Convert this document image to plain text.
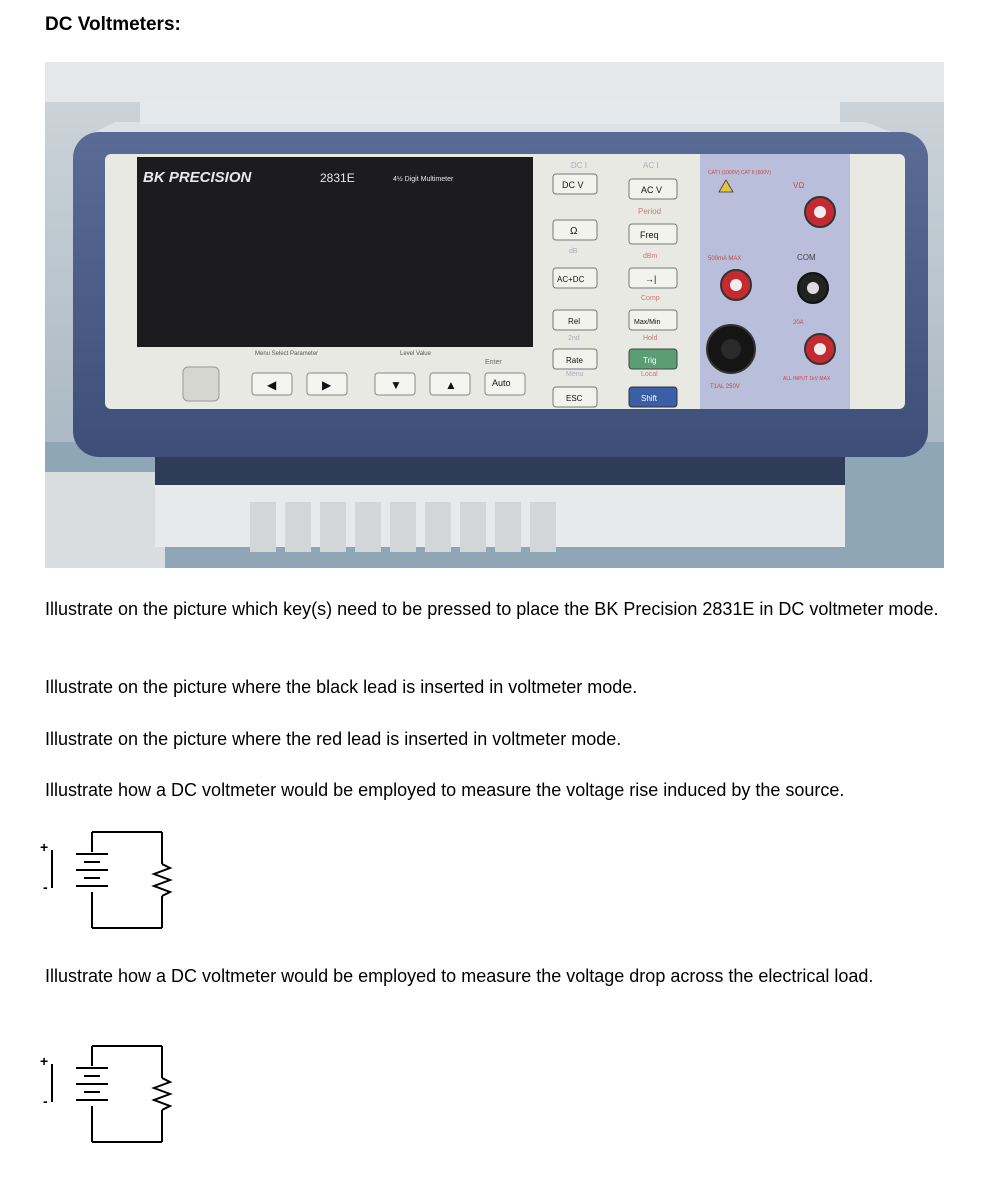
DC Voltmeters:
BK PRECISION	2831E	4½ Digit Multimeter
Menu Select Parameter	Level Value
Enter
◀	▶	▼	▲	Auto
DC I
DC V
Ω
dB
AC+DC
Rel
2nd
Rate
Menu
ESC
AC I
AC V
Period
Freq
dBm
→|
Comp
Max/Min
Hold
Trig
Local
Shift
CAT I (1000V) CAT II (600V)
VΩ
500mA MAX	COM
20A
T1AL 250V
ALL INPUT 1kV MAX
Illustrate on the picture which key(s) need to be pressed to place the BK Precision 2831E in DC voltmeter mode.
Illustrate on the picture where the black lead is inserted in voltmeter mode.
Illustrate on the picture where the red lead is inserted in voltmeter mode.
Illustrate how a DC voltmeter would be employed to measure the voltage rise induced by the source.
+
-
Illustrate how a DC voltmeter would be employed to measure the voltage drop across the electrical load.
+
-
